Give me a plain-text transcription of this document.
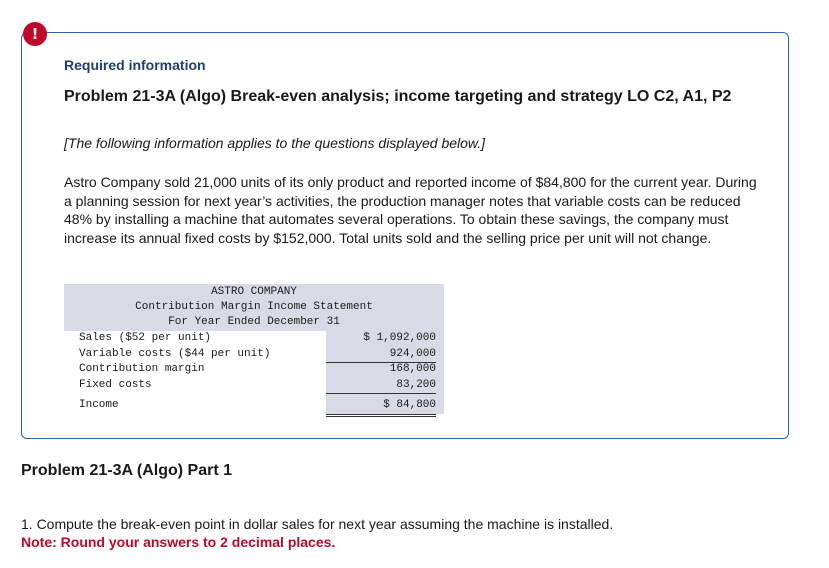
!
Required information
Problem 21-3A (Algo) Break-even analysis; income targeting and strategy LO C2, A1, P2
[The following information applies to the questions displayed below.]
Astro Company sold 21,000 units of its only product and reported income of $84,800 for the current year. During a planning session for next year’s activities, the production manager notes that variable costs can be reduced 48% by installing a machine that automates several operations. To obtain these savings, the company must increase its annual fixed costs by $152,000. Total units sold and the selling price per unit will not change.
ASTRO COMPANY
Contribution Margin Income Statement
For Year Ended December 31
Sales ($52 per unit)	$ 1,092,000
Variable costs ($44 per unit)	924,000
Contribution margin	168,000
Fixed costs	83,200
Income	$ 84,800
Problem 21-3A (Algo) Part 1
1. Compute the break-even point in dollar sales for next year assuming the machine is installed.
Note: Round your answers to 2 decimal places.
